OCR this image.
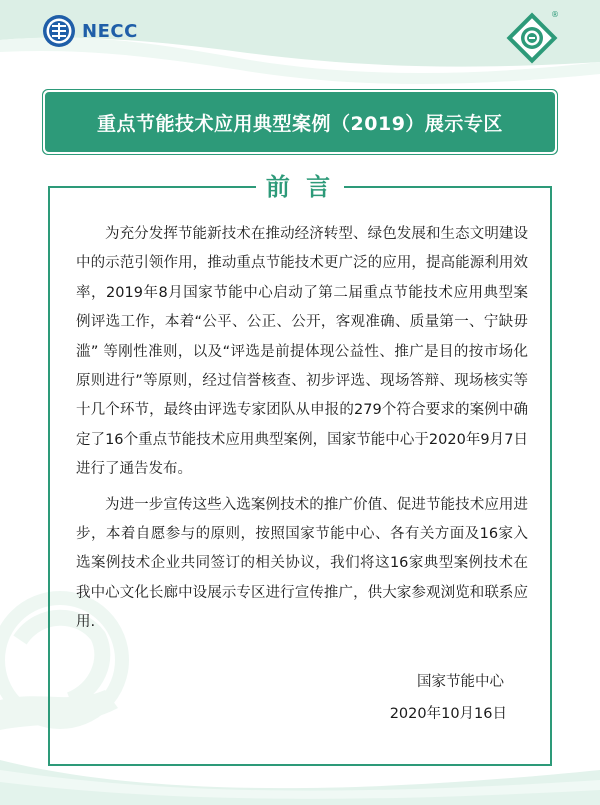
NECC
®
重点节能技术应用典型案例（2019）展示专区
前 言

为充分发挥节能新技术在推动经济转型、绿色发展和生态文明建设中的示范引领作用，推动重点节能技术更广泛的应用，提高能源利用效率，2019年8月国家节能中心启动了第二届重点节能技术应用典型案例评选工作，本着“公平、公正、公开，客观准确、质量第一、宁缺毋滥” 等刚性准则，以及“评选是前提体现公益性、推广是目的按市场化原则进行”等原则，经过信誉核查、初步评选、现场答辩、现场核实等十几个环节，最终由评选专家团队从申报的279个符合要求的案例中确定了16个重点节能技术应用典型案例，国家节能中心于2020年9月7日进行了通告发布。

为进一步宣传这些入选案例技术的推广价值、促进节能技术应用进步，本着自愿参与的原则，按照国家节能中心、各有关方面及16家入选案例技术企业共同签订的相关协议，我们将这16家典型案例技术在我中心文化长廊中设展示专区进行宣传推广，供大家参观浏览和联系应用.

国家节能中心
2020年10月16日
